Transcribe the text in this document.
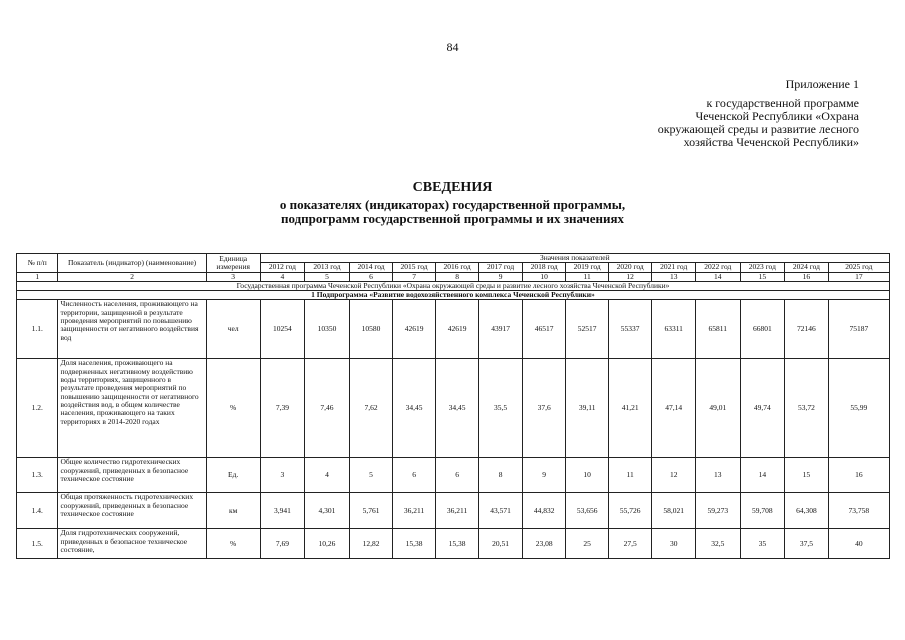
84
Приложение 1
к государственной программе
Чеченской Республики «Охрана
окружающей среды и развитие лесного
хозяйства Чеченской Республики»
СВЕДЕНИЯ
о показателях (индикаторах) государственной программы,
подпрограмм государственной программы и их значениях
№ п/п	Показатель (индикатор) (наименование)	Единица измерения	Значения показателей													
			2012 год	2013 год	2014 год	2015 год	2016 год	2017 год	2018 год	2019 год	2020 год	2021 год	2022 год	2023 год	2024 год	2025 год
1	2	3	4	5	6	7	8	9	10	11	12	13	14	15	16	17
Государственная программа Чеченской Республики «Охрана окружающей среды и развитие лесного хозяйства Чеченской Республики»																
1 Подпрограмма «Развитие водохозяйственного комплекса Чеченской Республики»																
1.1.	Численность населения, проживающего на территории, защищенной в результате проведения мероприятий по повышению защищенности от негативного воздействия вод	чел	10254	10350	10580	42619	42619	43917	46517	52517	55337	63311	65811	66801	72146	75187
1.2.	Доля населения, проживающего на подверженных негативному воздействию воды территориях, защищенного в результате проведения мероприятий по повышению защищенности от негативного воздействия вод, в общем количестве населения, проживающего на таких территориях в 2014-2020 годах	%	7,39	7,46	7,62	34,45	34,45	35,5	37,6	39,11	41,21	47,14	49,01	49,74	53,72	55,99
1.3.	Общее количество гидротехнических сооружений, приведенных в безопасное техническое состояние	Ед.	3	4	5	6	6	8	9	10	11	12	13	14	15	16
1.4.	Общая протяженность гидротехнических сооружений, приведенных в безопасное техническое состояние	км	3,941	4,301	5,761	36,211	36,211	43,571	44,832	53,656	55,726	58,021	59,273	59,708	64,308	73,758
1.5.	Доля гидротехнических сооружений, приведенных в безопасное техническое состояние,	%	7,69	10,26	12,82	15,38	15,38	20,51	23,08	25	27,5	30	32,5	35	37,5	40
